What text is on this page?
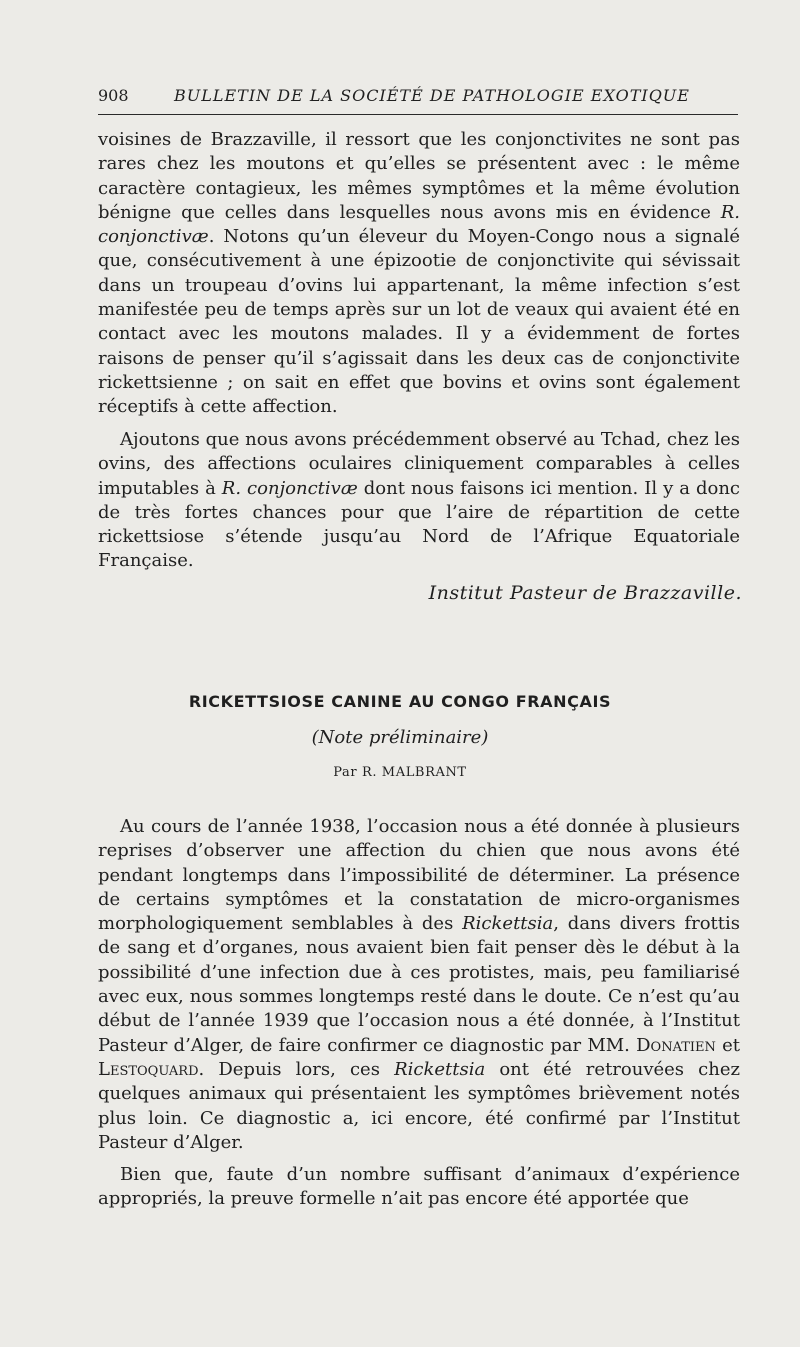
908	BULLETIN DE LA SOCIÉTÉ DE PATHOLOGIE EXOTIQUE

voisines de Brazzaville, il ressort que les conjonctivites ne sont pas rares chez les moutons et qu’elles se présentent avec : le même caractère contagieux, les mêmes symptômes et la même évolution bénigne que celles dans lesquelles nous avons mis en évidence R. conjonctivæ. Notons qu’un éleveur du Moyen-Congo nous a signalé que, consécutivement à une épizootie de conjonctivite qui sévissait dans un troupeau d’ovins lui appartenant, la même infection s’est manifestée peu de temps après sur un lot de veaux qui avaient été en contact avec les moutons malades. Il y a évidemment de fortes raisons de penser qu’il s’agissait dans les deux cas de conjonctivite rickettsienne ; on sait en effet que bovins et ovins sont également réceptifs à cette affection.

Ajoutons que nous avons précédemment observé au Tchad, chez les ovins, des affections oculaires cliniquement comparables à celles imputables à R. conjonctivæ dont nous faisons ici mention. Il y a donc de très fortes chances pour que l’aire de répartition de cette rickettsiose s’étende jusqu’au Nord de l’Afrique Equatoriale Française.

Institut Pasteur de Brazzaville.
RICKETTSIOSE CANINE AU CONGO FRANÇAIS
(Note préliminaire)
Par R. MALBRANT

Au cours de l’année 1938, l’occasion nous a été donnée à plusieurs reprises d’observer une affection du chien que nous avons été pendant longtemps dans l’impossibilité de déterminer. La présence de certains symptômes et la constatation de micro-organismes morphologiquement semblables à des Rickettsia, dans divers frottis de sang et d’organes, nous avaient bien fait penser dès le début à la possibilité d’une infection due à ces protistes, mais, peu familiarisé avec eux, nous sommes longtemps resté dans le doute. Ce n’est qu’au début de l’année 1939 que l’occasion nous a été donnée, à l’Institut Pasteur d’Alger, de faire confirmer ce diagnostic par MM. Donatien et Lestoquard. Depuis lors, ces Rickettsia ont été retrouvées chez quelques animaux qui présentaient les symptômes brièvement notés plus loin. Ce diagnostic a, ici encore, été confirmé par l’Institut Pasteur d’Alger.

Bien que, faute d’un nombre suffisant d’animaux d’expérience appropriés, la preuve formelle n’ait pas encore été apportée que
